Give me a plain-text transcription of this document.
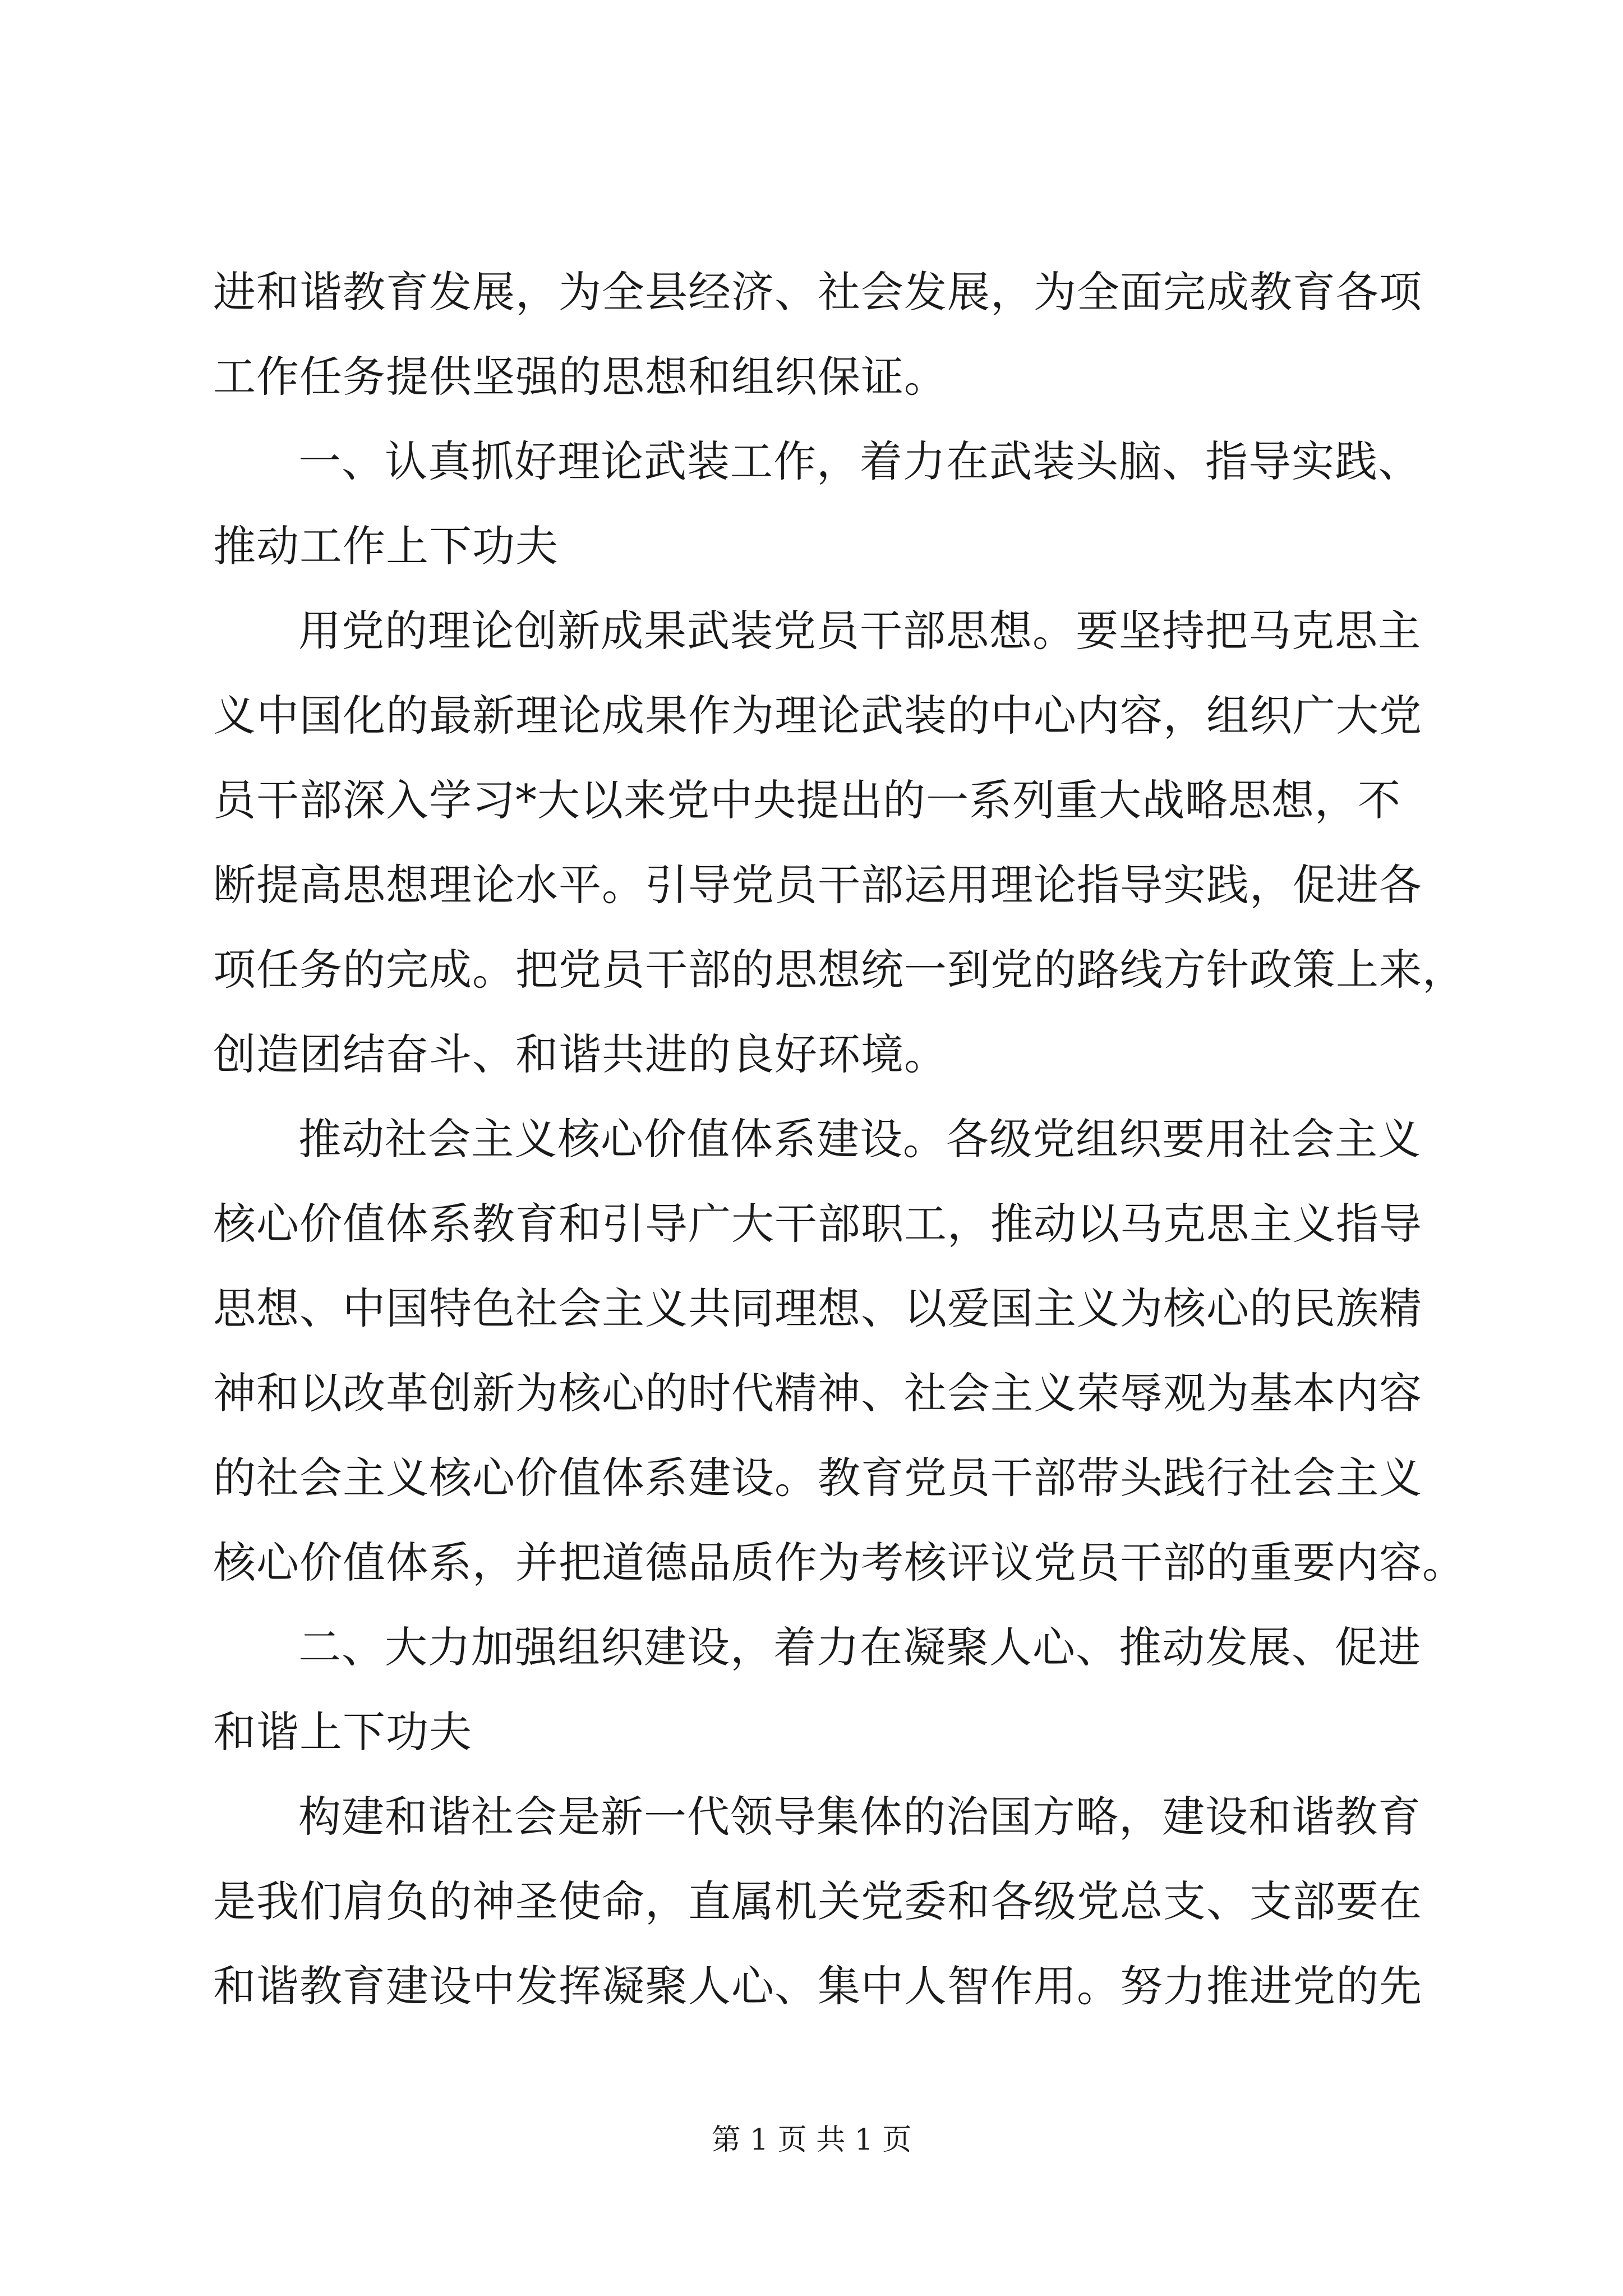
进和谐教育发展，为全县经济、社会发展，为全面完成教育各项
工作任务提供坚强的思想和组织保证。
一、认真抓好理论武装工作，着力在武装头脑、指导实践、
推动工作上下功夫
用党的理论创新成果武装党员干部思想。要坚持把马克思主
义中国化的最新理论成果作为理论武装的中心内容，组织广大党
员干部深入学习*大以来党中央提出的一系列重大战略思想，不
断提高思想理论水平。引导党员干部运用理论指导实践，促进各
项任务的完成。把党员干部的思想统一到党的路线方针政策上来，
创造团结奋斗、和谐共进的良好环境。
推动社会主义核心价值体系建设。各级党组织要用社会主义
核心价值体系教育和引导广大干部职工，推动以马克思主义指导
思想、中国特色社会主义共同理想、以爱国主义为核心的民族精
神和以改革创新为核心的时代精神、社会主义荣辱观为基本内容
的社会主义核心价值体系建设。教育党员干部带头践行社会主义
核心价值体系，并把道德品质作为考核评议党员干部的重要内容。
二、大力加强组织建设，着力在凝聚人心、推动发展、促进
和谐上下功夫
构建和谐社会是新一代领导集体的治国方略，建设和谐教育
是我们肩负的神圣使命，直属机关党委和各级党总支、支部要在
和谐教育建设中发挥凝聚人心、集中人智作用。努力推进党的先
第 1 页 共 1 页
